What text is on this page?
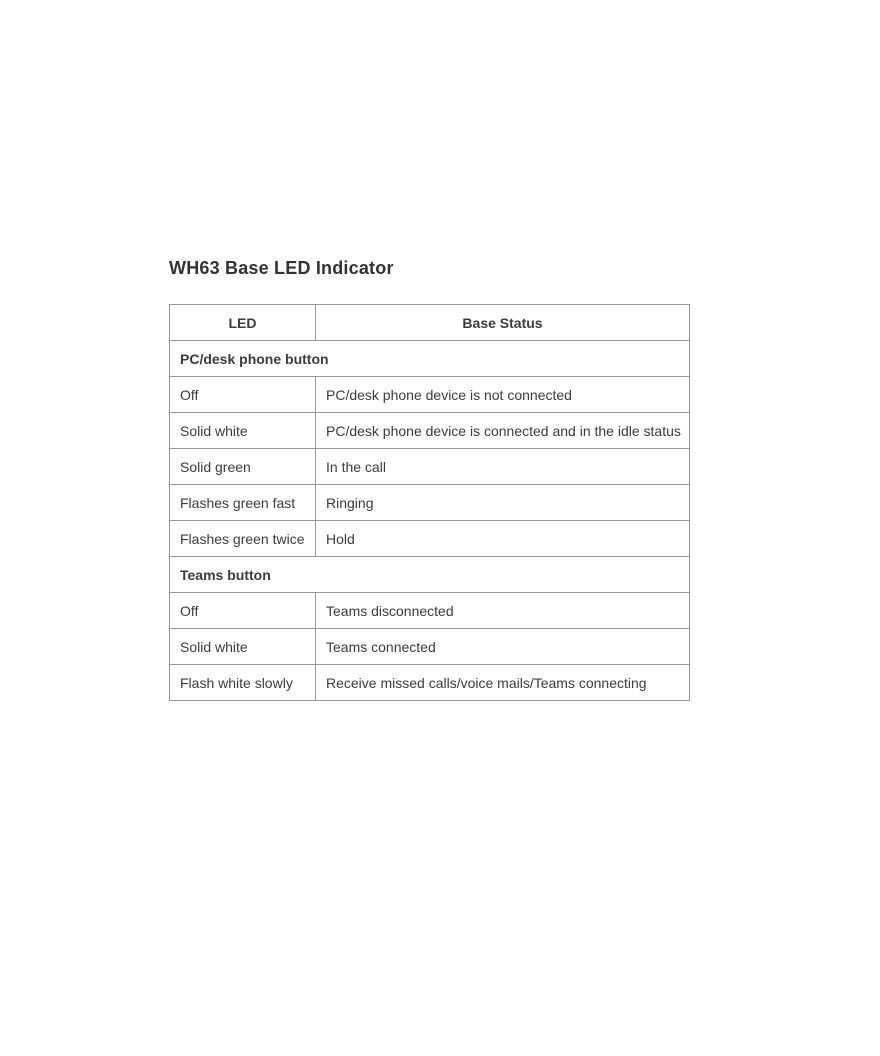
WH63 Base LED Indicator
LED	Base Status
PC/desk phone button	
Off	PC/desk phone device is not connected
Solid white	PC/desk phone device is connected and in the idle status
Solid green	In the call
Flashes green fast	Ringing
Flashes green twice	Hold
Teams button	
Off	Teams disconnected
Solid white	Teams connected
Flash white slowly	Receive missed calls/voice mails/Teams connecting
